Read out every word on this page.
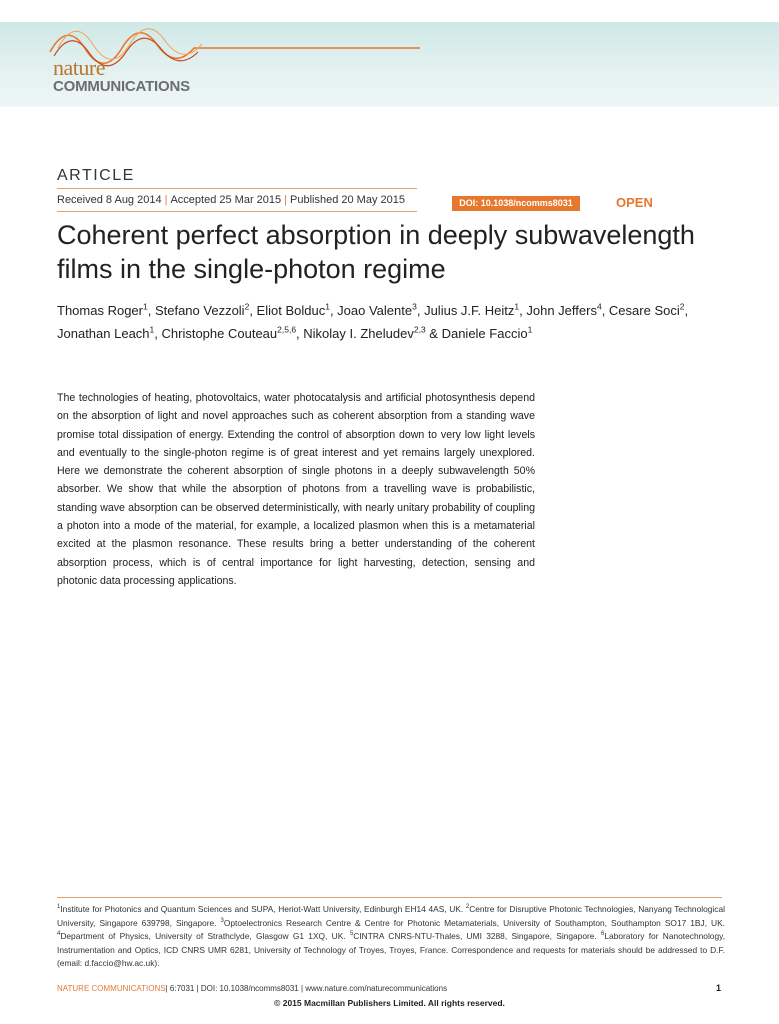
nature
COMMUNICATIONS
ARTICLE
Received 8 Aug 2014 | Accepted 25 Mar 2015 | Published 20 May 2015	DOI: 10.1038/ncomms8031	OPEN
Coherent perfect absorption in deeply subwavelength films in the single-photon regime
Thomas Roger$^1$, Stefano Vezzoli$^2$, Eliot Bolduc$^1$, Joao Valente$^3$, Julius J.F. Heitz$^1$, John Jeffers$^4$, Cesare Soci$^2$, Jonathan Leach$^1$, Christophe Couteau$^{2,5,6}$, Nikolay I. Zheludev$^{2,3}$ & Daniele Faccio$^1$
The technologies of heating, photovoltaics, water photocatalysis and artificial photosynthesis depend on the absorption of light and novel approaches such as coherent absorption from a standing wave promise total dissipation of energy. Extending the control of absorption down to very low light levels and eventually to the single-photon regime is of great interest and yet remains largely unexplored. Here we demonstrate the coherent absorption of single photons in a deeply subwavelength 50% absorber. We show that while the absorption of photons from a travelling wave is probabilistic, standing wave absorption can be observed deterministically, with nearly unitary probability of coupling a photon into a mode of the material, for example, a localized plasmon when this is a metamaterial excited at the plasmon resonance. These results bring a better understanding of the coherent absorption process, which is of central importance for light harvesting, detection, sensing and photonic data processing applications.
$^1$Institute for Photonics and Quantum Sciences and SUPA, Heriot-Watt University, Edinburgh EH14 4AS, UK. $^2$Centre for Disruptive Photonic Technologies, Nanyang Technological University, Singapore 639798, Singapore. $^3$Optoelectronics Research Centre & Centre for Photonic Metamaterials, University of Southampton, Southampton SO17 1BJ, UK. $^4$Department of Physics, University of Strathclyde, Glasgow G1 1XQ, UK. $^5$CINTRA CNRS-NTU-Thales, UMI 3288, Singapore, Singapore. $^6$Laboratory for Nanotechnology, Instrumentation and Optics, ICD CNRS UMR 6281, University of Technology of Troyes, Troyes, France. Correspondence and requests for materials should be addressed to D.F. (email: d.faccio@hw.ac.uk).
NATURE COMMUNICATIONS| 6:7031 | DOI: 10.1038/ncomms8031 | www.nature.com/naturecommunications	1
© 2015 Macmillan Publishers Limited. All rights reserved.
